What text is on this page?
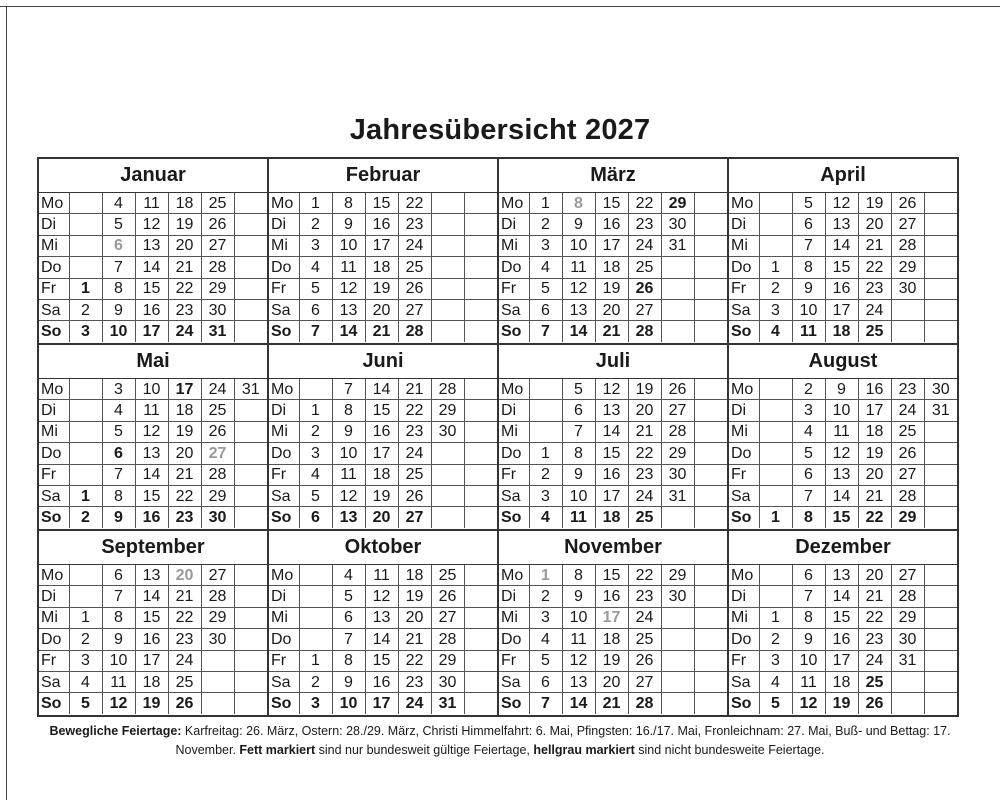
Jahresübersicht 2027
Januar
Mo		4	11	18	25	
Di		5	12	19	26	
Mi		6	13	20	27	
Do		7	14	21	28	
Fr	1	8	15	22	29	
Sa	2	9	16	23	30	
So	3	10	17	24	31	
Februar
Mo	1	8	15	22		
Di	2	9	16	23		
Mi	3	10	17	24		
Do	4	11	18	25		
Fr	5	12	19	26		
Sa	6	13	20	27		
So	7	14	21	28		
März
Mo	1	8	15	22	29	
Di	2	9	16	23	30	
Mi	3	10	17	24	31	
Do	4	11	18	25		
Fr	5	12	19	26		
Sa	6	13	20	27		
So	7	14	21	28		
April
Mo		5	12	19	26	
Di		6	13	20	27	
Mi		7	14	21	28	
Do	1	8	15	22	29	
Fr	2	9	16	23	30	
Sa	3	10	17	24		
So	4	11	18	25		
Mai
Mo		3	10	17	24	31
Di		4	11	18	25	
Mi		5	12	19	26	
Do		6	13	20	27	
Fr		7	14	21	28	
Sa	1	8	15	22	29	
So	2	9	16	23	30	
Juni
Mo		7	14	21	28	
Di	1	8	15	22	29	
Mi	2	9	16	23	30	
Do	3	10	17	24		
Fr	4	11	18	25		
Sa	5	12	19	26		
So	6	13	20	27		
Juli
Mo		5	12	19	26	
Di		6	13	20	27	
Mi		7	14	21	28	
Do	1	8	15	22	29	
Fr	2	9	16	23	30	
Sa	3	10	17	24	31	
So	4	11	18	25		
August
Mo		2	9	16	23	30
Di		3	10	17	24	31
Mi		4	11	18	25	
Do		5	12	19	26	
Fr		6	13	20	27	
Sa		7	14	21	28	
So	1	8	15	22	29	
September
Mo		6	13	20	27	
Di		7	14	21	28	
Mi	1	8	15	22	29	
Do	2	9	16	23	30	
Fr	3	10	17	24		
Sa	4	11	18	25		
So	5	12	19	26		
Oktober
Mo		4	11	18	25	
Di		5	12	19	26	
Mi		6	13	20	27	
Do		7	14	21	28	
Fr	1	8	15	22	29	
Sa	2	9	16	23	30	
So	3	10	17	24	31	
November
Mo	1	8	15	22	29	
Di	2	9	16	23	30	
Mi	3	10	17	24		
Do	4	11	18	25		
Fr	5	12	19	26		
Sa	6	13	20	27		
So	7	14	21	28		
Dezember
Mo		6	13	20	27	
Di		7	14	21	28	
Mi	1	8	15	22	29	
Do	2	9	16	23	30	
Fr	3	10	17	24	31	
Sa	4	11	18	25		
So	5	12	19	26		
Bewegliche Feiertage: Karfreitag: 26. März, Ostern: 28./29. März, Christi Himmelfahrt: 6. Mai, Pfingsten: 16./17. Mai, Fronleichnam: 27. Mai, Buß- und Bettag: 17. November. Fett markiert sind nur bundesweit gültige Feiertage, hellgrau markiert sind nicht bundesweite Feiertage.
